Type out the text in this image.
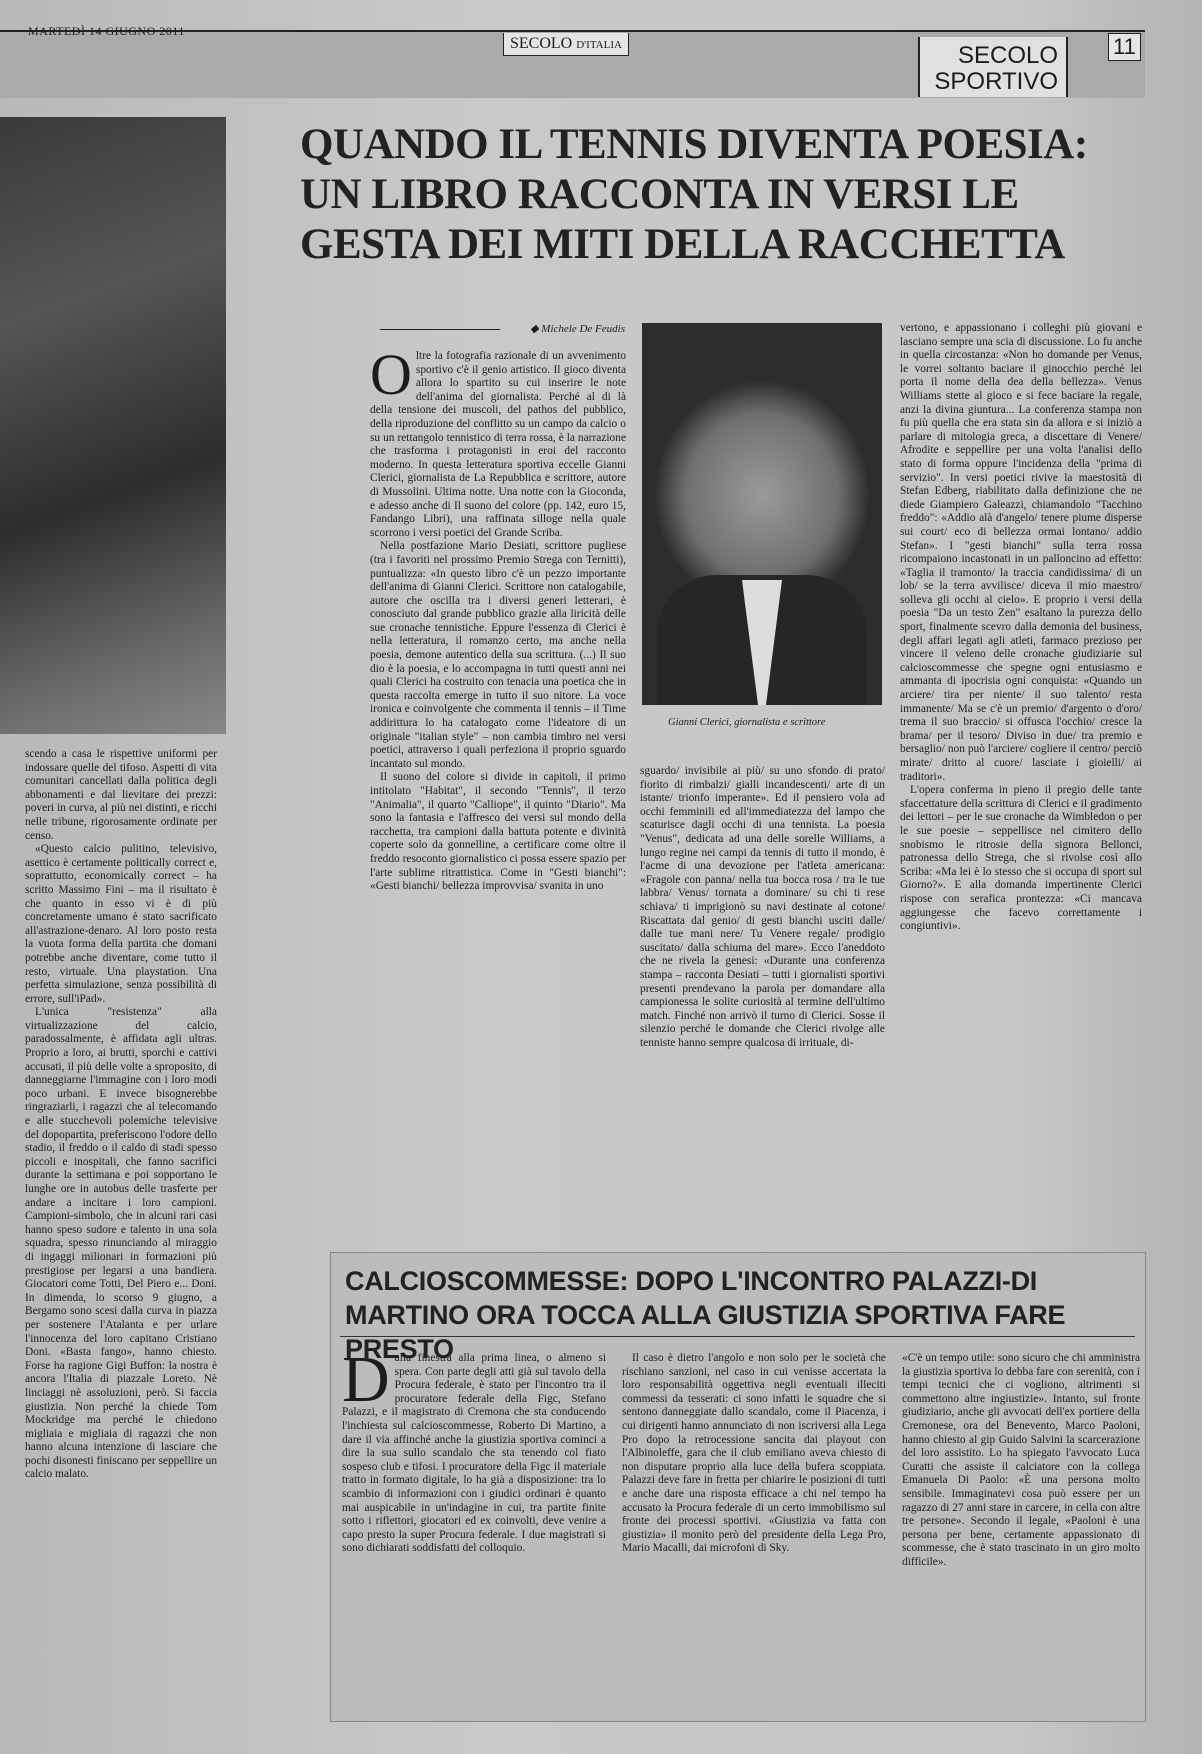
MARTEDÌ 14 GIUGNO 2011
SECOLO D'ITALIA	SECOLO
SPORTIVO
11

scendo a casa le rispettive uniformi per indossare quelle del tifoso. Aspetti di vita comunitari cancellati dalla politica degli abbonamenti e dal lievitare dei prezzi: poveri in curva, al più nei distinti, e ricchi nelle tribune, rigorosamente ordinate per censo.

«Questo calcio pulitino, televisivo, asettico è certamente politically correct e, soprattutto, economically correct – ha scritto Massimo Fini – ma il risultato è che quanto in esso vi è di più concretamente umano è stato sacrificato all'astrazione-denaro. Al loro posto resta la vuota forma della partita che domani potrebbe anche diventare, come tutto il resto, virtuale. Una playstation. Una perfetta simulazione, senza possibilità di errore, sull'iPad».

L'unica "resistenza" alla virtualizzazione del calcio, paradossalmente, è affidata agli ultras. Proprio a loro, ai brutti, sporchi e cattivi accusati, il più delle volte a sproposito, di danneggiarne l'immagine con i loro modi poco urbani. E invece bisognerebbe ringraziarli, i ragazzi che al telecomando e alle stucchevoli polemiche televisive del dopopartita, preferiscono l'odore dello stadio, il freddo o il caldo di stadi spesso piccoli e inospitali, che fanno sacrifici durante la settimana e poi sopportano le lunghe ore in autobus delle trasferte per andare a incitare i loro campioni. Campioni-simbolo, che in alcuni rari casi hanno speso sudore e talento in una sola squadra, spesso rinunciando al miraggio di ingaggi milionari in formazioni più prestigiose per legarsi a una bandiera. Giocatori come Totti, Del Piero e... Doni. In dimenda, lo scorso 9 giugno, a Bergamo sono scesi dalla curva in piazza per sostenere l'Atalanta e per urlare l'innocenza del loro capitano Cristiano Doni. «Basta fango», hanno chiesto. Forse ha ragione Gigi Buffon: la nostra è ancora l'Italia di piazzale Loreto. Nè linciaggi nè assoluzioni, però. Si faccia giustizia. Non perché la chiede Tom Mockridge ma perché le chiedono migliaia e migliaia di ragazzi che non hanno alcuna intenzione di lasciare che pochi disonesti finiscano per seppellire un calcio malato.

QUANDO IL TENNIS DIVENTA POESIA: UN LIBRO RACCONTA IN VERSI LE GESTA DEI MITI DELLA RACCHETTA
◆ Michele De Feudis
O ltre la fotografia razionale di un avvenimento sportivo c'è il genio artistico. Il gioco diventa allora lo spartito su cui inserire le note dell'anima del giornalista. Perché al di là della tensione dei muscoli, del pathos del pubblico, della riproduzione del conflitto su un campo da calcio o su un rettangolo tennistico di terra rossa, è la narrazione che trasforma i protagonisti in eroi del racconto moderno. In questa letteratura sportiva eccelle Gianni Clerici, giornalista de La Repubblica e scrittore, autore di Mussolini. Ultima notte. Una notte con la Gioconda, e adesso anche di Il suono del colore (pp. 142, euro 15, Fandango Libri), una raffinata silloge nella quale scorrono i versi poetici del Grande Scriba.

Nella postfazione Mario Desiati, scrittore pugliese (tra i favoriti nel prossimo Premio Strega con Ternitti), puntualizza: «In questo libro c'è un pezzo importante dell'anima di Gianni Clerici. Scrittore non catalogabile, autore che oscilla tra i diversi generi letterari, è conosciuto dal grande pubblico grazie alla liricità delle sue cronache tennistiche. Eppure l'essenza di Clerici è nella letteratura, il romanzo certo, ma anche nella poesia, demone autentico della sua scrittura. (...) Il suo dio è la poesia, e lo accompagna in tutti questi anni nei quali Clerici ha costruito con tenacia una poetica che in questa raccolta emerge in tutto il suo nitore. La voce ironica e coinvolgente che commenta il tennis – il Time addirittura lo ha catalogato come l'ideatore di un originale "italian style" – non cambia timbro nei versi poetici, attraverso i quali perfeziona il proprio sguardo incantato sul mondo.

Il suono del colore si divide in capitoli, il primo intitolato "Habitat", il secondo "Tennis", il terzo "Animalia", il quarto "Calliope", il quinto "Diario". Ma sono la fantasia e l'affresco dei versi sul mondo della racchetta, tra campioni dalla battuta potente e divinità coperte solo da gonnelline, a certificare come oltre il freddo resoconto giornalistico ci possa essere spazio per l'arte sublime ritrattistica. Come in "Gesti bianchi": «Gesti bianchi/ bellezza improvvisa/ svanita in uno

Gianni Clerici, giornalista e scrittore

sguardo/ invisibile ai più/ su uno sfondo di prato/ fiorito di rimbalzi/ gialli incandescenti/ arte di un istante/ trionfo imperante». Ed il pensiero vola ad occhi femminili ed all'immediatezza del lampo che scaturisce dagli occhi di una tennista. La poesia "Venus", dedicata ad una delle sorelle Williams, a lungo regine nei campi da tennis di tutto il mondo, è l'acme di una devozione per l'atleta americana: «Fragole con panna/ nella tua bocca rosa / tra le tue labbra/ Venus/ tornata a dominare/ su chi ti rese schiava/ ti imprigionò su navi destinate al cotone/ Riscattata dal genio/ di gesti bianchi usciti dalle/ dalle tue mani nere/ Tu Venere regale/ prodigio suscitato/ dalla schiuma del mare». Ecco l'aneddoto che ne rivela la genesi: «Durante una conferenza stampa – racconta Desiati – tutti i giornalisti sportivi presenti prendevano la parola per domandare alla campionessa le solite curiosità al termine dell'ultimo match. Finché non arrivò il turno di Clerici. Sosse il silenzio perché le domande che Clerici rivolge alle tenniste hanno sempre qualcosa di irrituale, di-

vertono, e appassionano i colleghi più giovani e lasciano sempre una scia di discussione. Lo fu anche in quella circostanza: «Non ho domande per Venus, le vorrei soltanto baciare il ginocchio perché lei porta il nome della dea della bellezza». Venus Williams stette al gioco e si fece baciare la regale, anzi la divina giuntura... La conferenza stampa non fu più quella che era stata sin da allora e si iniziò a parlare di mitologia greca, a discettare di Venere/ Afrodite e seppellire per una volta l'analisi dello stato di forma oppure l'incidenza della "prima di servizio". In versi poetici rivive la maestosità di Stefan Edberg, riabilitato dalla definizione che ne diede Giampiero Galeazzi, chiamandolo "Tacchino freddo": «Addio alà d'angelo/ tenere piume disperse sui court/ eco di bellezza ormai lontano/ addio Stefan». I "gesti bianchi" sulla terra rossa ricompaiono incastonati in un palloncino ad effetto: «Taglia il tramonto/ la traccia candidissima/ di un lob/ se la terra avvilisce/ diceva il mio maestro/ solleva gli occhi al cielo». E proprio i versi della poesia "Da un testo Zen" esaltano la purezza dello sport, finalmente scevro dalla demonia del business, degli affari legati agli atleti, farmaco prezioso per vincere il veleno delle cronache giudiziarie sul calcioscommesse che spegne ogni entusiasmo e ammanta di ipocrisia ogni conquista: «Quando un arciere/ tira per niente/ il suo talento/ resta immanente/ Ma se c'è un premio/ d'argento o d'oro/ trema il suo braccio/ si offusca l'occhio/ cresce la brama/ per il tesoro/ Diviso in due/ tra premio e bersaglio/ non può l'arciere/ cogliere il centro/ perciò mirate/ dritto al cuore/ lasciate i gioielli/ ai traditori».

L'opera conferma in pieno il pregio delle tante sfaccettature della scrittura di Clerici e il gradimento dei lettori – per le sue cronache da Wimbledon o per le sue poesie – seppellisce nel cimitero dello snobismo le ritrosie della signora Bellonci, patronessa dello Strega, che si rivolse così allo Scriba: «Ma lei è lo stesso che si occupa di sport sul Giorno?». E alla domanda impertinente Clerici rispose con serafica prontezza: «Ci mancava aggiungesse che facevo correttamente i congiuntivi».

CALCIOSCOMMESSE: DOPO L'INCONTRO PALAZZI-DI MARTINO ORA TOCCA ALLA GIUSTIZIA SPORTIVA FARE PRESTO
D alla finestra alla prima linea, o almeno si spera. Con parte degli atti già sul tavolo della Procura federale, è stato per l'incontro tra il procuratore federale della Figc, Stefano Palazzi, e il magistrato di Cremona che sta conducendo l'inchiesta sul calcioscommesse, Roberto Di Martino, a dare il via affinché anche la giustizia sportiva cominci a dire la sua sullo scandalo che sta tenendo col fiato sospeso club e tifosi. I procuratore della Figc il materiale tratto in formato digitale, lo ha già a disposizione: tra lo scambio di informazioni con i giudici ordinari è quanto mai auspicabile in un'indagine in cui, tra partite finite sotto i riflettori, giocatori ed ex coinvolti, deve venire a capo presto la super Procura federale. I due magistrati si sono dichiarati soddisfatti del colloquio.

Il caso è dietro l'angolo e non solo per le società che rischiano sanzioni, nel caso in cui venisse accertata la loro responsabilità oggettiva negli eventuali illeciti commessi da tesserati: ci sono infatti le squadre che si sentono danneggiate dallo scandalo, come il Piacenza, i cui dirigenti hanno annunciato di non iscriversi alla Lega Pro dopo la retrocessione sancita dai playout con l'Albinoleffe, gara che il club emiliano aveva chiesto di non disputare proprio alla luce della bufera scoppiata. Palazzi deve fare in fretta per chiarire le posizioni di tutti e anche dare una risposta efficace a chi nel tempo ha accusato la Procura federale di un certo immobilismo sul fronte dei processi sportivi. «Giustizia va fatta con giustizia» il monito però del presidente della Lega Pro, Mario Macalli, dai microfoni di Sky.

«C'è un tempo utile: sono sicuro che chi amministra la giustizia sportiva lo debba fare con serenità, con i tempi tecnici che ci vogliono, altrimenti si commettono altre ingiustizie». Intanto, sul fronte giudiziario, anche gli avvocati dell'ex portiere della Cremonese, ora del Benevento, Marco Paoloni, hanno chiesto al gip Guido Salvini la scarcerazione del loro assistito. Lo ha spiegato l'avvocato Luca Curatti che assiste il calciatore con la collega Emanuela Di Paolo: «È una persona molto sensibile. Immaginatevi cosa può essere per un ragazzo di 27 anni stare in carcere, in cella con altre tre persone». Secondo il legale, «Paoloni è una persona per bene, certamente appassionato di scommesse, che è stato trascinato in un giro molto difficile».
